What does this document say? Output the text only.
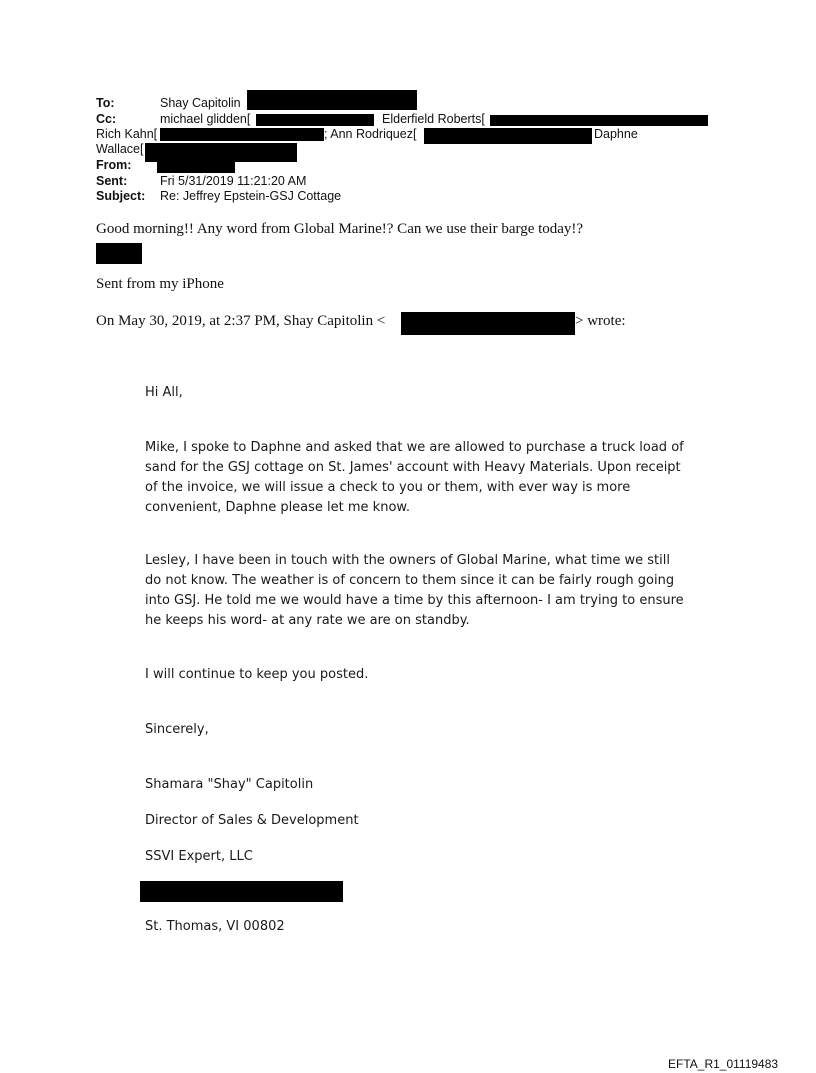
To:	Shay Capitolin
Cc:	michael glidden[	Elderfield Roberts[
Rich Kahn[	; Ann Rodriquez[	Daphne
Wallace[
From:
Sent:	Fri 5/31/2019 11:21:20 AM
Subject: Re: Jeffrey Epstein-GSJ Cottage
Good morning!! Any word from Global Marine!? Can we use their barge today!?
Sent from my iPhone
On May 30, 2019, at 2:37 PM, Shay Capitolin <	> wrote:
Hi All,
Mike, I spoke to Daphne and asked that we are allowed to purchase a truck load of sand for the GSJ cottage on St. James' account with Heavy Materials. Upon receipt of the invoice, we will issue a check to you or them, with ever way is more convenient, Daphne please let me know.
Lesley, I have been in touch with the owners of Global Marine, what time we still do not know. The weather is of concern to them since it can be fairly rough going into GSJ. He told me we would have a time by this afternoon- I am trying to ensure he keeps his word- at any rate we are on standby.
I will continue to keep you posted.
Sincerely,
Shamara "Shay" Capitolin
Director of Sales & Development
SSVI Expert, LLC
St. Thomas, VI 00802
EFTA_R1_01119483
